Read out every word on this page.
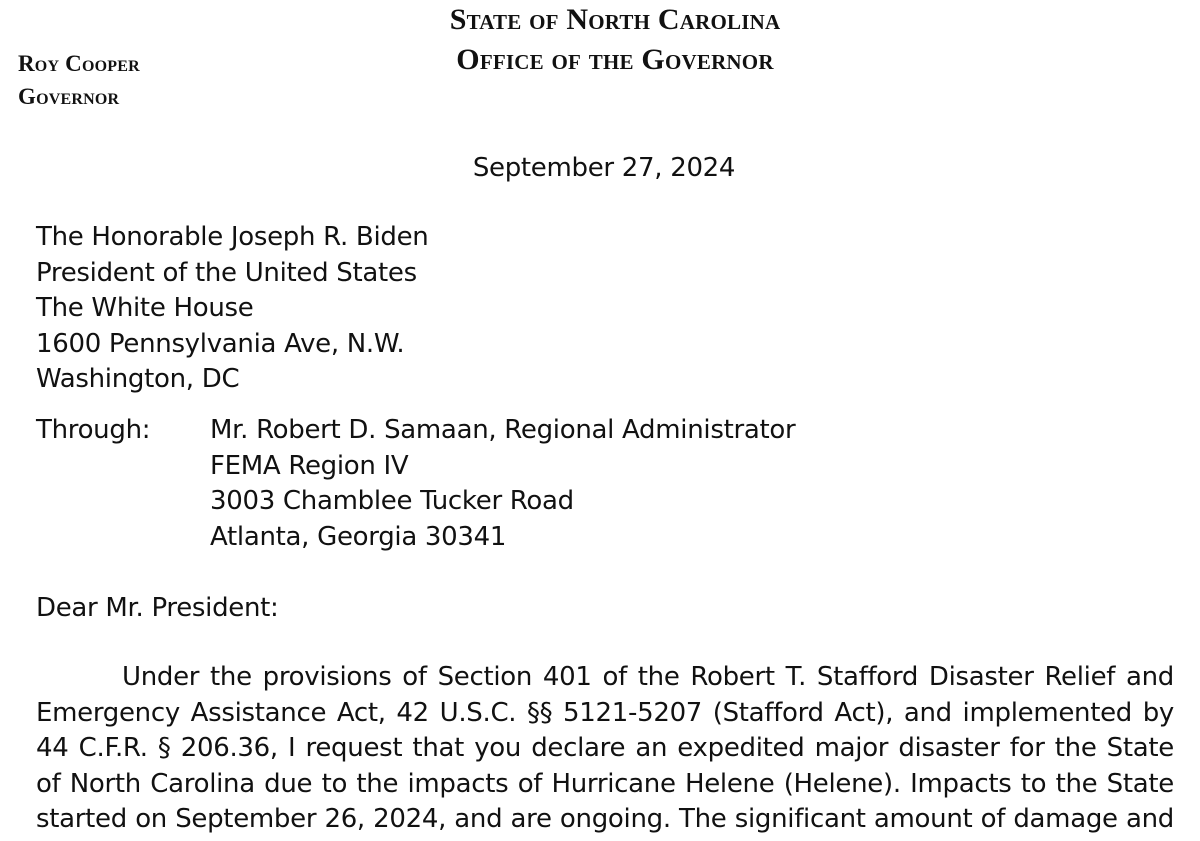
State of North Carolina
Office of the Governor
Roy Cooper
Governor
September 27, 2024
The Honorable Joseph R. Biden
President of the United States
The White House
1600 Pennsylvania Ave, N.W.
Washington, DC
Through: Mr. Robert D. Samaan, Regional Administrator
FEMA Region IV
3003 Chamblee Tucker Road
Atlanta, Georgia 30341
Dear Mr. President:
Under the provisions of Section 401 of the Robert T. Stafford Disaster Relief and
Emergency Assistance Act, 42 U.S.C. §§ 5121-5207 (Stafford Act), and implemented by
44 C.F.R. § 206.36, I request that you declare an expedited major disaster for the State
of North Carolina due to the impacts of Hurricane Helene (Helene). Impacts to the State
started on September 26, 2024, and are ongoing. The significant amount of damage and
